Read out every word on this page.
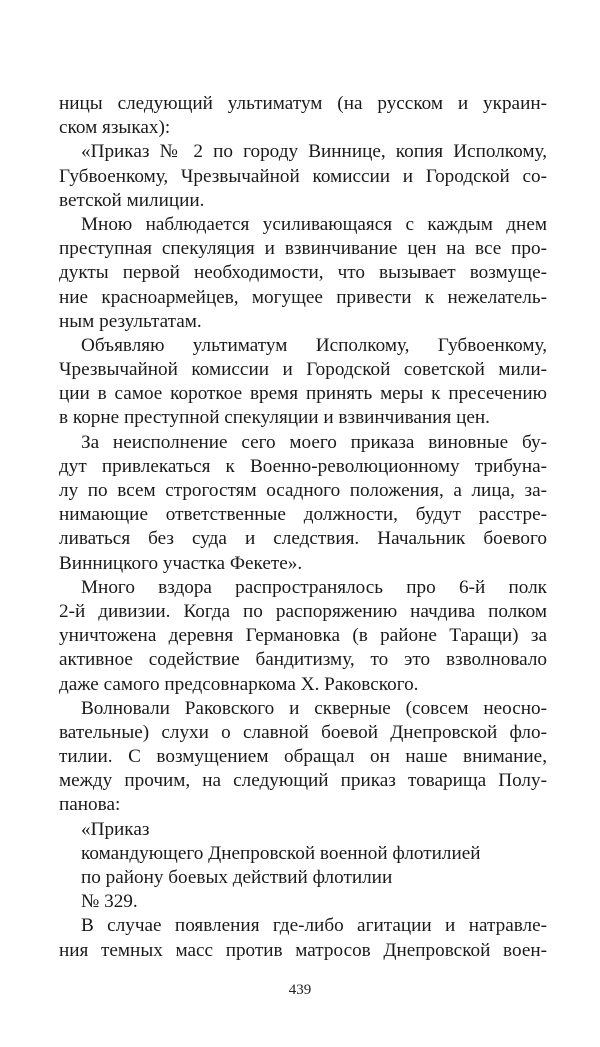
ницы следующий ультиматум (на русском и украин-
ском языках):
«Приказ № 2 по городу Виннице, копия Исполкому,
Губвоенкому, Чрезвычайной комиссии и Городской со-
ветской милиции.
Мною наблюдается усиливающаяся с каждым днем
преступная спекуляция и взвинчивание цен на все про-
дукты первой необходимости, что вызывает возмуще-
ние красноармейцев, могущее привести к нежелатель-
ным результатам.
Объявляю ультиматум Исполкому, Губвоенкому,
Чрезвычайной комиссии и Городской советской мили-
ции в самое короткое время принять меры к пресечению
в корне преступной спекуляции и взвинчивания цен.
За неисполнение сего моего приказа виновные бу-
дут привлекаться к Военно-революционному трибуна-
лу по всем строгостям осадного положения, а лица, за-
нимающие ответственные должности, будут расстре-
ливаться без суда и следствия. Начальник боевого
Винницкого участка Фекете».
Много вздора распространялось про 6-й полк
2-й дивизии. Когда по распоряжению начдива полком
уничтожена деревня Германовка (в районе Таращи) за
активное содействие бандитизму, то это взволновало
даже самого предсовнаркома Х. Раковского.
Волновали Раковского и скверные (совсем неосно-
вательные) слухи о славной боевой Днепровской фло-
тилии. С возмущением обращал он наше внимание,
между прочим, на следующий приказ товарища Полу-
панова:
«Приказ
командующего Днепровской военной флотилией
по району боевых действий флотилии
№ 329.
В случае появления где-либо агитации и натравле-
ния темных масс против матросов Днепровской воен-
439
